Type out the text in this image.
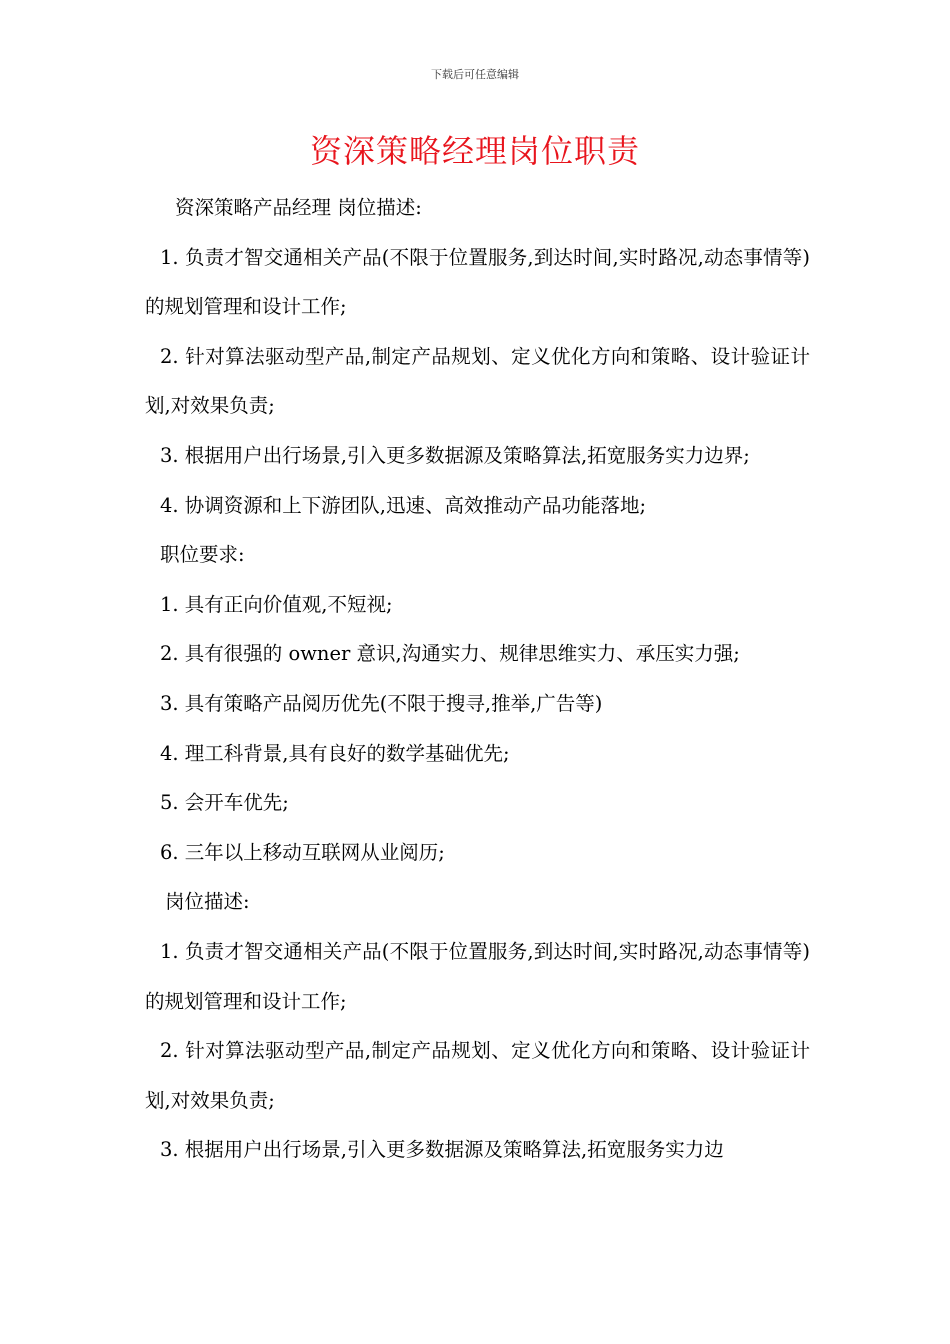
下载后可任意编辑
资深策略经理岗位职责

资深策略产品经理 岗位描述:

1. 负责才智交通相关产品(不限于位置服务,到达时间,实时路况,动态事情等)的规划管理和设计工作;

2. 针对算法驱动型产品,制定产品规划、定义优化方向和策略、设计验证计划,对效果负责;

3. 根据用户出行场景,引入更多数据源及策略算法,拓宽服务实力边界;

4. 协调资源和上下游团队,迅速、高效推动产品功能落地;

职位要求:

1. 具有正向价值观,不短视;

2. 具有很强的 owner 意识,沟通实力、规律思维实力、承压实力强;

3. 具有策略产品阅历优先(不限于搜寻,推举,广告等)

4. 理工科背景,具有良好的数学基础优先;

5. 会开车优先;

6. 三年以上移动互联网从业阅历;

岗位描述:

1. 负责才智交通相关产品(不限于位置服务,到达时间,实时路况,动态事情等)的规划管理和设计工作;

2. 针对算法驱动型产品,制定产品规划、定义优化方向和策略、设计验证计划,对效果负责;

3. 根据用户出行场景,引入更多数据源及策略算法,拓宽服务实力边
